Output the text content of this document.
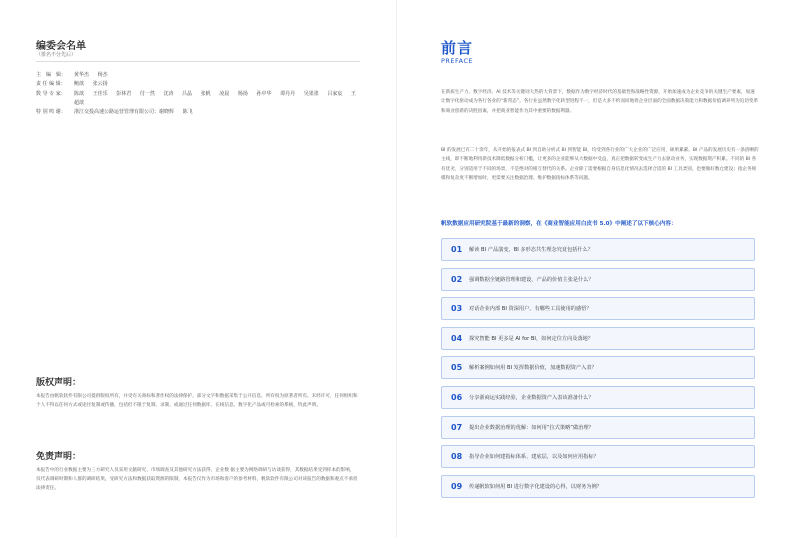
编委会名单
（排名不分先后）
主　编　辑：	黄华杰 杨杰
责 任 编 辑：	鲍歆 张云扬
数 导 专 家：	陈歆 王佳乐 彭林君 付一然 沈涛 吕晶 张帆 凌晨 杨扬 孙中华 谭丹丹 吴墨墨 吕家宸 王超歆
特 别 鸣 谢：	浙江交投高速公路运营管理有限公司：谢晓辉 陈飞
版权声明：

本报告由帆软软件有限公司提供版权所有，并受有关商标和著作权的法律保护，部分文字和数据采集于公开信息，所有权为原著者所有。未经许可，任何组织和个人不得以任何方式或途径复制或传播，包括但不限于复制、录制、或通过任何数据库、在线信息、数字化产品或可检索的系统，特此声明。

免责声明：

本报告中的行业数据主要为三方研究人员采用文献研究、市场调查及其他研究方法获得，企业数 据主要为网络调研与访谈获得，其数据结果受到样本的影响，仅代表调研时期和人群的调研结果，受研究方法和数据获取资源的限制，本报告仅作为市场和客户的参考材料，帆软软件有限公司对该报告的数据和观点不承担法律责任。

前言
PREFACE

在新质生产力、数字经济、AI 技术等关键词大热的大背景下，数据作为数字经济时代的基础性和战略性资源，开始加速成为企业竞争的关键生产要素，加速让数字化驱动成为各行各业的“新常态”。各行业虽然数字化转型进程不一，但是大多不约而同地将企业层面的全面数据决策能力和数据价值调养列为迫切变革和商业创新的决胜因素，并把商业智能作为其中重要的数据利器。

BI 的发展已有二十余年，从开始的报表式 BI 到自助分析式 BI 到智能 BI，均受到各行业的广大企业的广泛应用，硕果累累。BI 产品的发展历史有一条清晰的主线，即不断地利用新技术降低数据分析门槛，让更多的企业能够从大数据中受益，真正把数据转变成生产力去驱动业务，实现数据资产积累。不同的 BI 各有优劣，分别适用于不同的场景，不是绝对的相互替代的关系。企业除了需要根据自身信息化情况去选择合适的 BI 工具类别，也要做好数仓建设；指企务规模和复杂度不断增加时，更需要关注数据治理、维护数据指标体系等问题。

帆软数据应用研究院基于最新的洞察，在《商业智能应用白皮书 5.0》中阐述了以下核心内容：

01	解读 BI 产品演变，BI 多形态共生理念究竟包括什么？
02	强调数据全链路管理和建设，产品的价值主张是什么？
03	对话企业内部 BI 资深用户，有哪些工具使用的感悟？
04	探究智能 BI 更多是 AI for BI，如何定位方向及落地？
05	解析案例如何用 BI 发挥数据价值，加速数据资产入表？
06	分享浙商运实践经验，企业数据资产入表该准备什么？
07	提出企业数据治理的优解：如何用“拉式策略”做治理？
08	指导企业如何建指标体系、建底层，以及如何应用指标？
09	传递帆软如何用 BI 进行数字化建设的心得，以财务为例？
